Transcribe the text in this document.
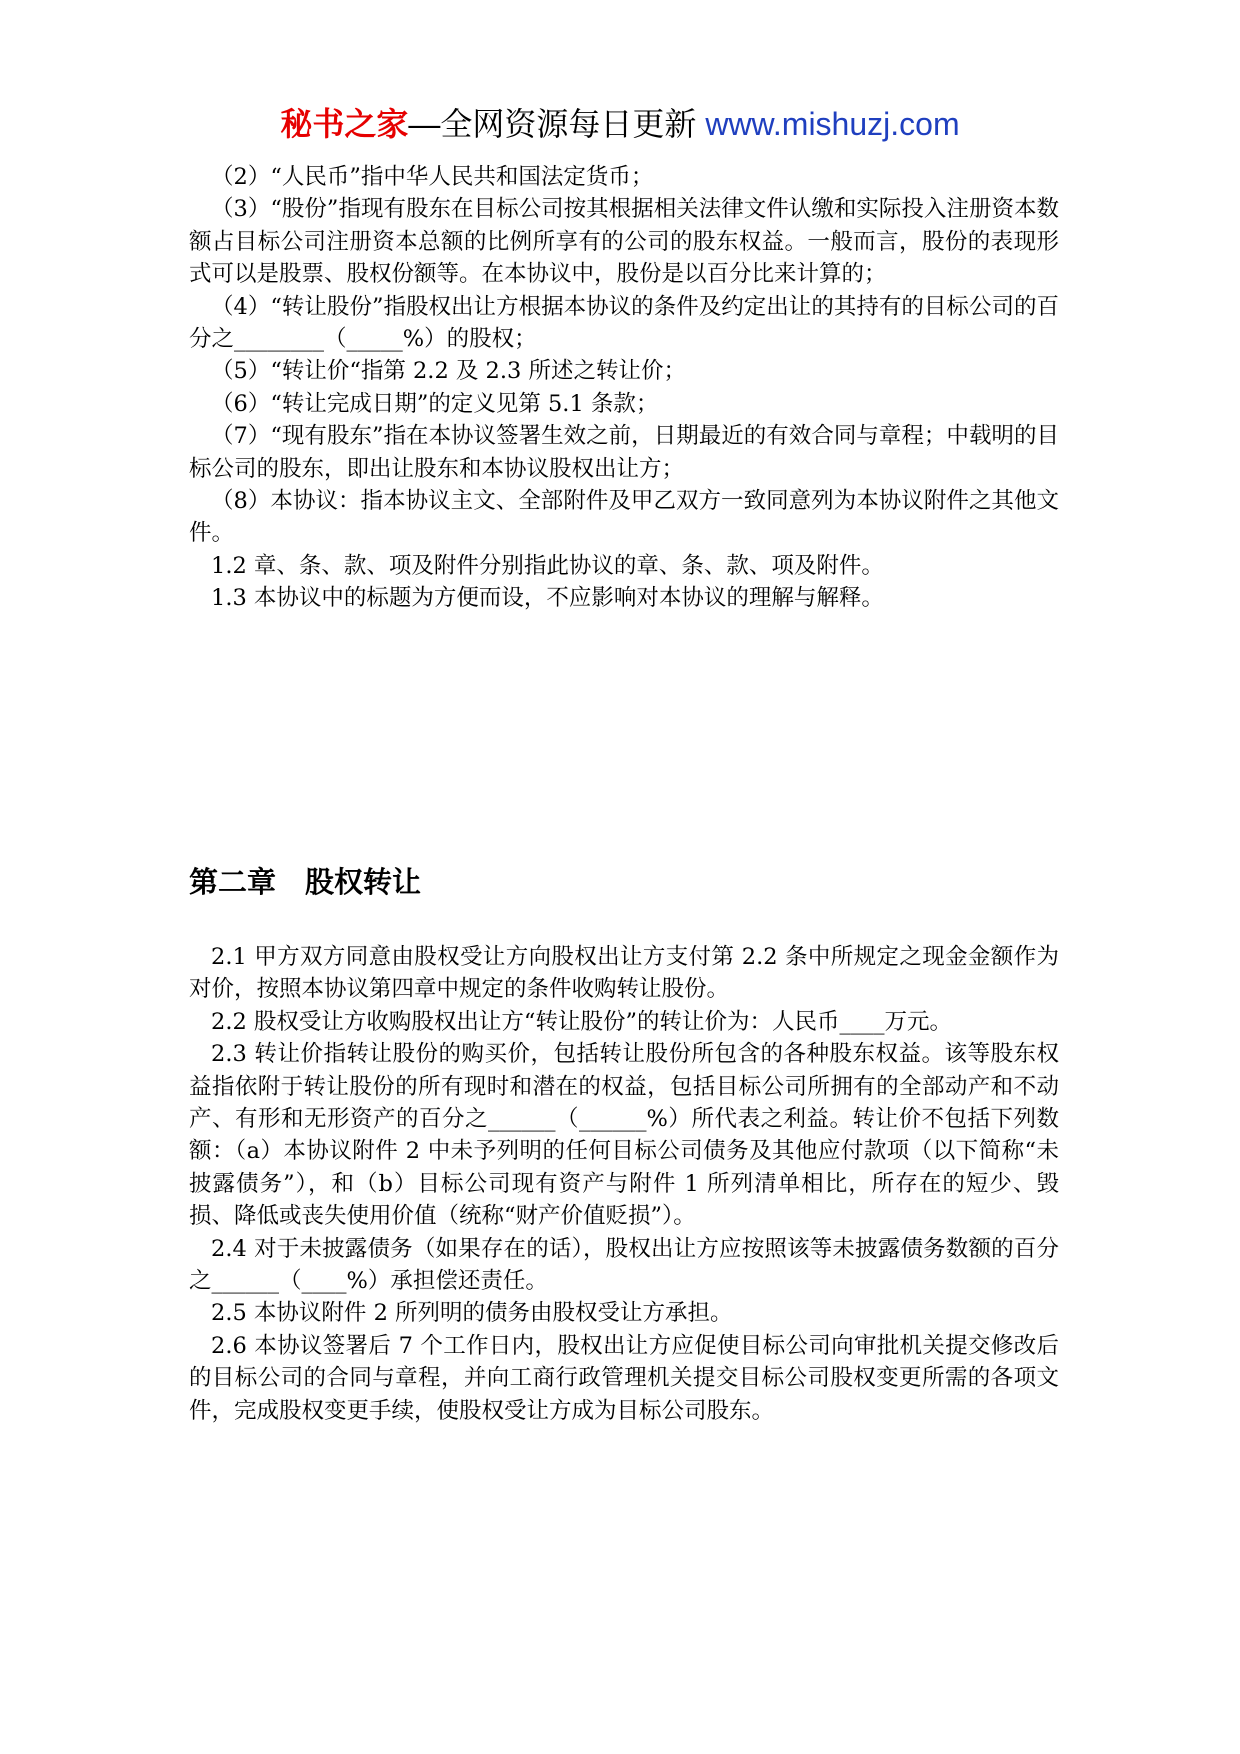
秘书之家—全网资源每日更新 www.mishuzj.com

（2）“人民币”指中华人民共和国法定货币；

（3）“股份”指现有股东在目标公司按其根据相关法律文件认缴和实际投入注册资本数额占目标公司注册资本总额的比例所享有的公司的股东权益。一般而言，股份的表现形式可以是股票、股权份额等。在本协议中，股份是以百分比来计算的；

（4）“转让股份”指股权出让方根据本协议的条件及约定出让的其持有的目标公司的百分之________（_____%）的股权；

（5）“转让价“指第 2.2 及 2.3 所述之转让价；

（6）“转让完成日期”的定义见第 5.1 条款；

（7）“现有股东”指在本协议签署生效之前，日期最近的有效合同与章程；中载明的目标公司的股东，即出让股东和本协议股权出让方；

（8）本协议：指本协议主文、全部附件及甲乙双方一致同意列为本协议附件之其他文件。

1.2 章、条、款、项及附件分别指此协议的章、条、款、项及附件。

1.3 本协议中的标题为方便而设，不应影响对本协议的理解与解释。

第二章　股权转让

2.1 甲方双方同意由股权受让方向股权出让方支付第 2.2 条中所规定之现金金额作为对价，按照本协议第四章中规定的条件收购转让股份。

2.2 股权受让方收购股权出让方“转让股份”的转让价为：人民币____万元。

2.3 转让价指转让股份的购买价，包括转让股份所包含的各种股东权益。该等股东权益指依附于转让股份的所有现时和潜在的权益，包括目标公司所拥有的全部动产和不动产、有形和无形资产的百分之______（______%）所代表之利益。转让价不包括下列数额：（a）本协议附件 2 中未予列明的任何目标公司债务及其他应付款项（以下简称“未披露债务”），和（b）目标公司现有资产与附件 1 所列清单相比，所存在的短少、毁损、降低或丧失使用价值（统称“财产价值贬损”）。

2.4 对于未披露债务（如果存在的话），股权出让方应按照该等未披露债务数额的百分之______（____%）承担偿还责任。

2.5 本协议附件 2 所列明的债务由股权受让方承担。

2.6 本协议签署后 7 个工作日内，股权出让方应促使目标公司向审批机关提交修改后的目标公司的合同与章程，并向工商行政管理机关提交目标公司股权变更所需的各项文件，完成股权变更手续，使股权受让方成为目标公司股东。
